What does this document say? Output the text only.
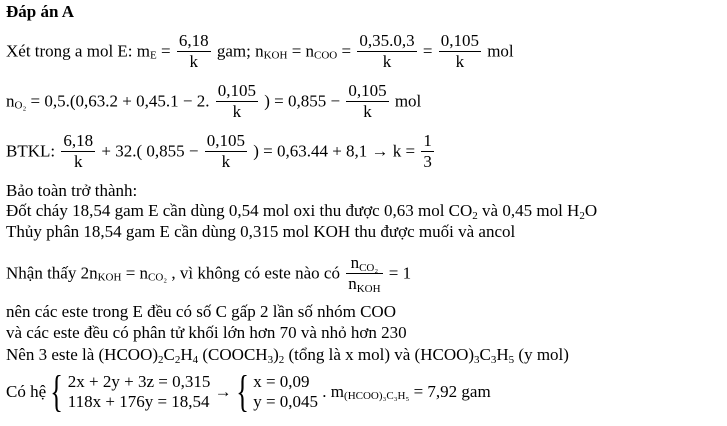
Đáp án A
Xét trong a mol E: $m_E = \frac{6,18}{k}$ gam; $n_{KOH} = n_{COO} = \frac{0,35.0,3}{k} = \frac{0,105}{k}$ mol
$n_{O_2} = 0,5.(0,63.2 + 0,45.1 - 2$. $\frac{0,105}{k}$ ) = $0,855 - \frac{0,105}{k}$ mol
BTKL: $\frac{6,18}{k} + 32$.( $0,855 - \frac{0,105}{k}$ ) = $0,63.44 + 8,1 \to k = \frac{1}{3}$
Bảo toàn trở thành:
Đốt cháy 18,54 gam E cần dùng 0,54 mol oxi thu được 0,63 mol $CO_2$ và 0,45 mol $H_2O$
Thủy phân 18,54 gam E cần dùng 0,315 mol KOH thu được muối và ancol
Nhận thấy $2n_{KOH} = n_{CO_2}$ , vì không có este nào có $\frac{n_{CO_2}}{n_{KOH}} = 1$
nên các este trong E đều có số C gấp 2 lần số nhóm COO
và các este đều có phân tử khối lớn hơn 70 và nhỏ hơn 230
Nên 3 este là $(HCOO)_2C_2H_4$ $(COOCH_3)_2$ (tổng là x mol) và $(HCOO)_3C_3H_5$ (y mol)
Có hệ { 2x + 2y + 3z = 0,315
118x + 176y = 18,54
→ { x = 0,09
y = 0,045
. $m_{(HCOO)_3C_3H_5} = 7,92$ gam
